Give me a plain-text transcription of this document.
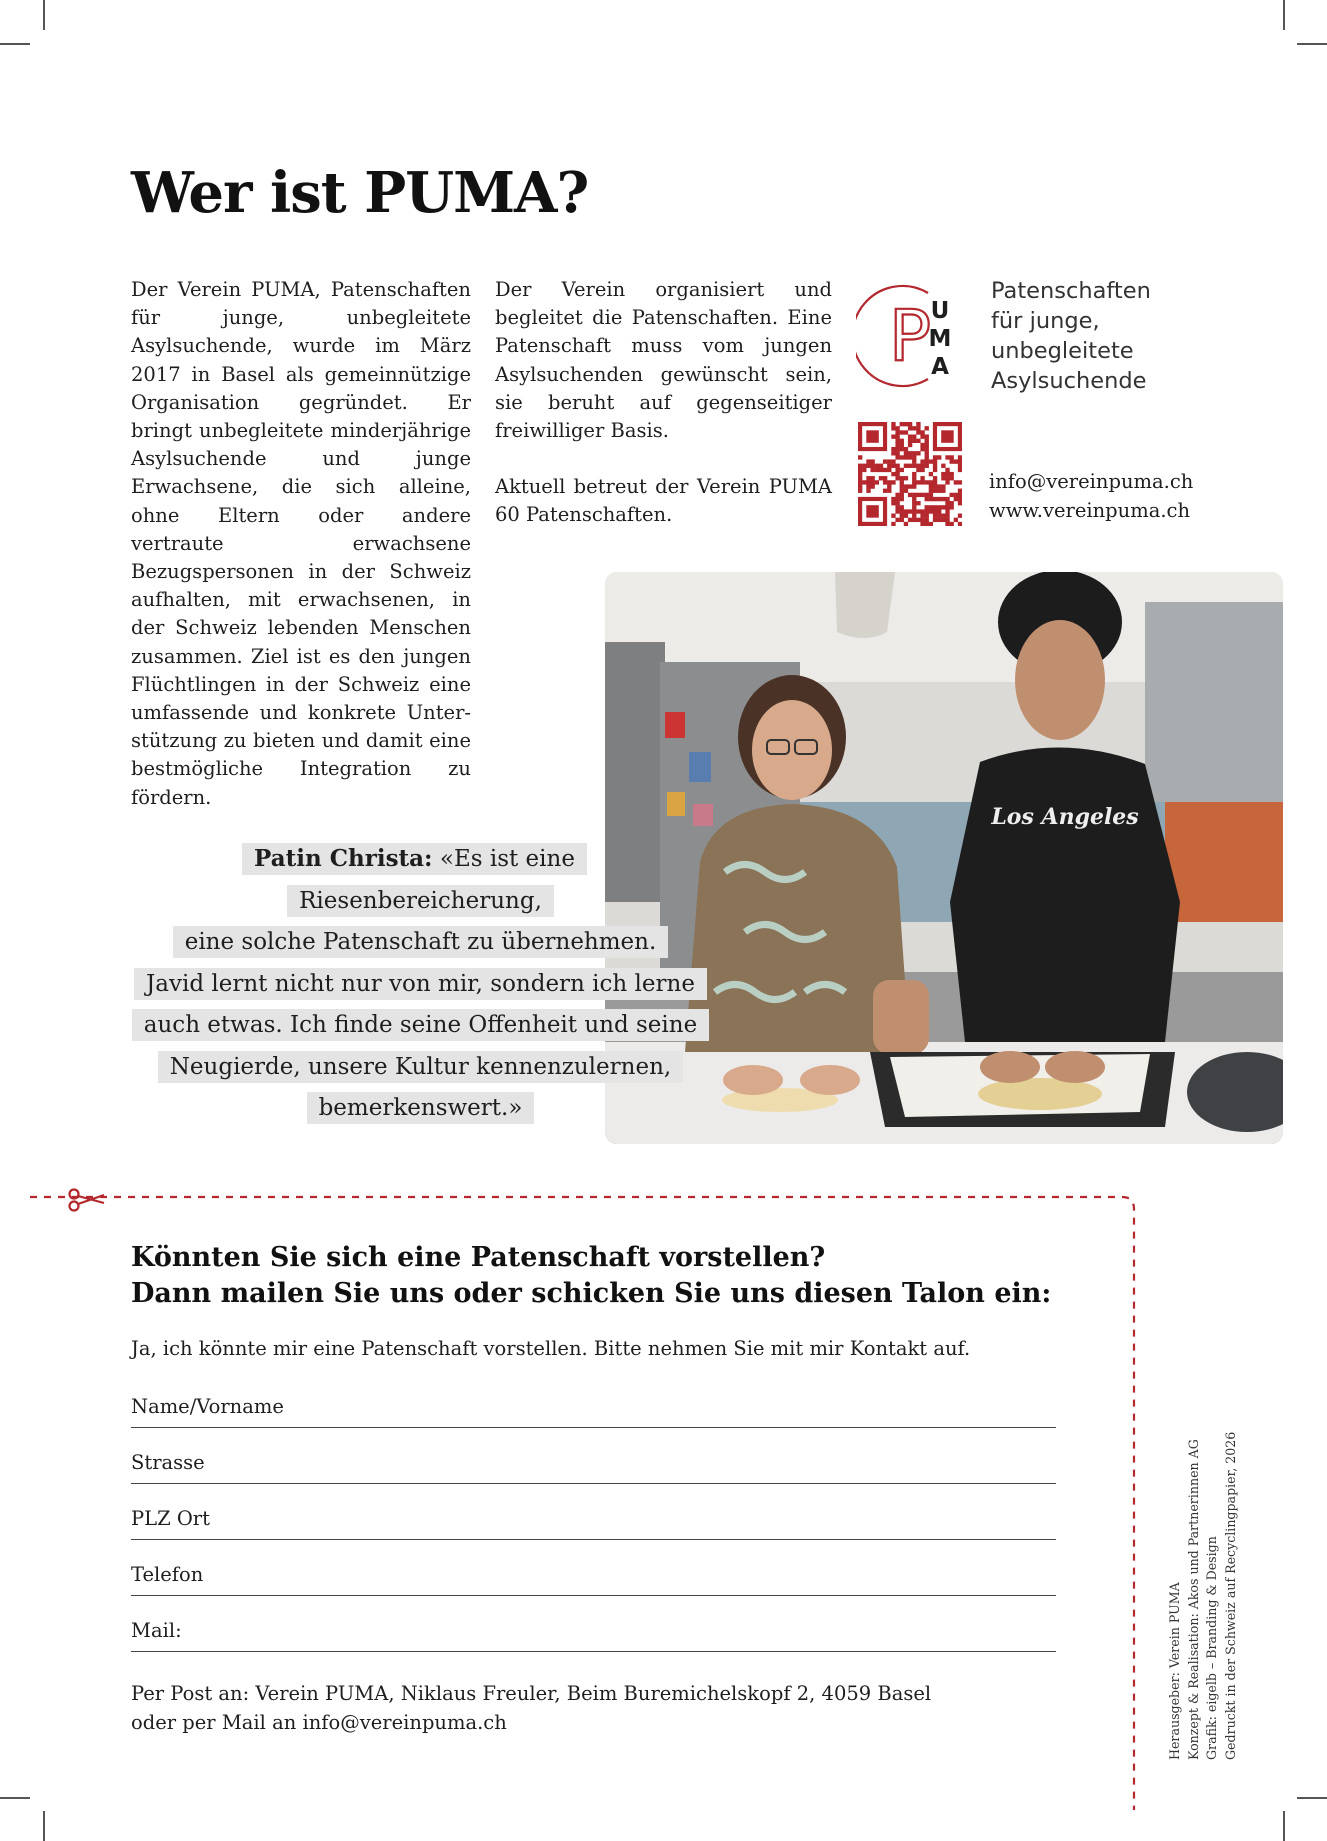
Wer ist PUMA?
Der Verein PUMA, Patenschaften für junge, unbegleitete Asylsuchende, wurde im März 2017 in Basel als gemeinnützige Organisation gegründet. Er bringt unbegleitete minderjährige Asylsuchende und junge Erwachsene, die sich alleine, ohne Eltern oder andere vertraute erwachsene Bezugspersonen in der Schweiz aufhalten, mit erwachsenen, in der Schweiz lebenden Menschen zusammen. Ziel ist es den jungen Flüchtlingen in der Schweiz eine umfassende und konkrete Unterstützung zu bieten und damit eine bestmögliche Integration zu fördern.

Der Verein organisiert und begleitet die Patenschaften. Eine Patenschaft muss vom jungen Asylsuchenden gewünscht sein, sie beruht auf gegenseitiger freiwilliger Basis.

Aktuell betreut der Verein PUMA 60 Patenschaften.

P U
M
A
Patenschaften
für junge,
unbegleitete
Asylsuchende
info@vereinpuma.ch
www.vereinpuma.ch
Los Angeles
Patin Christa: «Es ist eine Riesenbereicherung,
eine solche Patenschaft zu übernehmen.
Javid lernt nicht nur von mir, sondern ich lerne
auch etwas. Ich finde seine Offenheit und seine
Neugierde, unsere Kultur kennenzulernen,
bemerkenswert.»
Könnten Sie sich eine Patenschaft vorstellen?
Dann mailen Sie uns oder schicken Sie uns diesen Talon ein:
Ja, ich könnte mir eine Patenschaft vorstellen. Bitte nehmen Sie mit mir Kontakt auf.
Name/Vorname
Strasse
PLZ Ort
Telefon
Mail:
Per Post an: Verein PUMA, Niklaus Freuler, Beim Buremichelskopf 2, 4059 Basel
oder per Mail an info@vereinpuma.ch	Herausgeber: Verein PUMA Konzept & Realisation: Akos und Partnerinnen AG Grafik: eigelb – Branding & Design Gedruckt in der Schweiz auf Recyclingpapier, 2026
